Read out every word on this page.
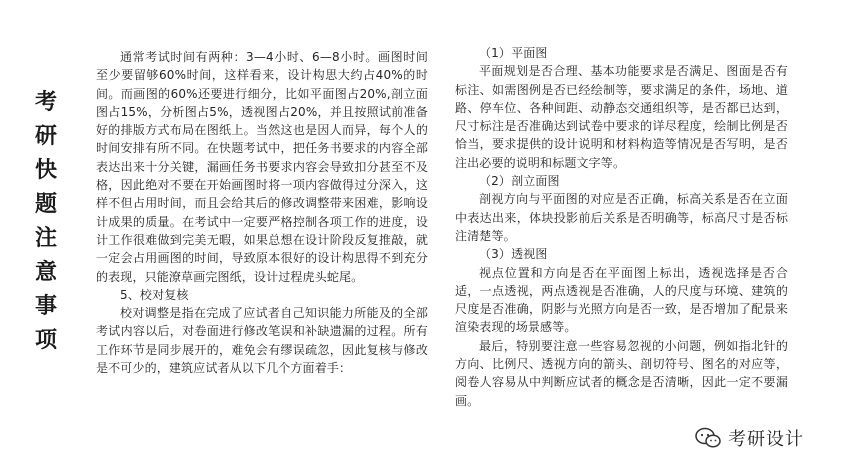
考
研
快
题
注
意
事
项

通常考试时间有两种：3—4小时、6—8小时。画图时间至少要留够60%时间，这样看来，设计构思大约占40%的时间。而画图的60%还要进行细分，比如平面图占20%,剖立面图占15%，分析图占5%，透视图占20%，并且按照试前准备好的排版方式布局在图纸上。当然这也是因人而异，每个人的时间安排有所不同。在快题考试中，把任务书要求的内容全部表达出来十分关键，漏画任务书要求内容会导致扣分甚至不及格，因此绝对不要在开始画图时将一项内容做得过分深入，这样不但占用时间，而且会给其后的修改调整带来困难，影响设计成果的质量。在考试中一定要严格控制各项工作的进度，设计工作很难做到完美无暇，如果总想在设计阶段反复推敲，就一定会占用画图的时间，导致原本很好的设计构思得不到充分的表现，只能潦草画完图纸，设计过程虎头蛇尾。

5、校对复核

校对调整是指在完成了应试者自己知识能力所能及的全部考试内容以后，对卷面进行修改笔误和补缺遗漏的过程。所有工作环节是同步展开的，难免会有缪误疏忽，因此复核与修改是不可少的，建筑应试者从以下几个方面着手：

（1）平面图

平面规划是否合理、基本功能要求是否满足、图面是否有标注、如需图例是否已经绘制等，要求满足的条件，场地、道路、停车位、各种间距、动静态交通组织等，是否都已达到，尺寸标注是否准确达到试卷中要求的详尽程度，绘制比例是否恰当，要求提供的设计说明和材料构造等情况是否写明，是否注出必要的说明和标题文字等。

（2）剖立面图

剖视方向与平面图的对应是否正确，标高关系是否在立面中表达出来，体块投影前后关系是否明确等，标高尺寸是否标注清楚等。

（3）透视图

视点位置和方向是否在平面图上标出，透视选择是否合适，一点透视，两点透视是否准确，人的尺度与环境、建筑的尺度是否准确，阴影与光照方向是否一致，是否增加了配景来渲染表现的场景感等。

最后，特别要注意一些容易忽视的小问题，例如指北针的方向、比例尺、透视方向的箭头、剖切符号、图名的对应等，阅卷人容易从中判断应试者的概念是否清晰，因此一定不要漏画。

考研设计
